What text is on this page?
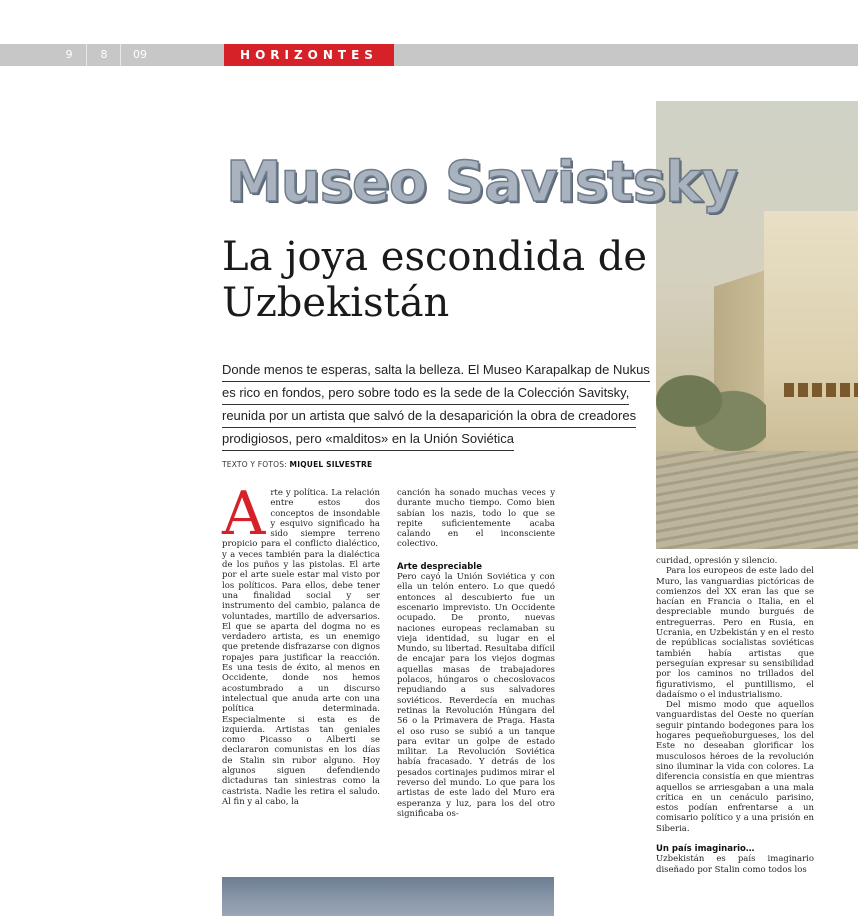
9	8	09	HORIZONTES
Museo Savistsky
La joya escondida de Uzbekistán
Donde menos te esperas, salta la belleza. El Museo Karapalkap de Nukus
es rico en fondos, pero sobre todo es la sede de la Colección Savitsky,
reunida por un artista que salvó de la desaparición la obra de creadores
prodigiosos, pero «malditos» en la Unión Soviética
TEXTO Y FOTOS: MIQUEL SILVESTRE
A rte y política. La relación entre estos dos conceptos de insondable y esquivo significado ha sido siempre terreno propicio para el conflicto dialéctico, y a veces también para la dialéctica de los puños y las pistolas. El arte por el arte suele estar mal visto por los políticos. Para ellos, debe tener una finalidad social y ser instrumento del cambio, palanca de voluntades, martillo de adversarios. El que se aparta del dogma no es verdadero artista, es un enemigo que pretende disfrazarse con dignos ropajes para justificar la reacción. Es una tesis de éxito, al menos en Occidente, donde nos hemos acostumbrado a un discurso intelectual que anuda arte con una política determinada. Especialmente si esta es de izquierda. Artistas tan geniales como Picasso o Alberti se declararon comunistas en los días de Stalin sin rubor alguno. Hoy algunos siguen defendiendo dictaduras tan siniestras como la castrista. Nadie les retira el saludo. Al fin y al cabo, la

canción ha sonado muchas veces y durante mucho tiempo. Como bien sabían los nazis, todo lo que se repite suficientemente acaba calando en el inconsciente colectivo.

Arte despreciable

Pero cayó la Unión Soviética y con ella un telón entero. Lo que quedó entonces al descubierto fue un escenario imprevisto. Un Occidente ocupado. De pronto, nuevas naciones europeas reclamaban su vieja identidad, su lugar en el Mundo, su libertad. Resultaba difícil de encajar para los viejos dogmas aquellas masas de trabajadores polacos, húngaros o checoslovacos repudiando a sus salvadores soviéticos. Reverdecía en muchas retinas la Revolución Húngara del 56 o la Primavera de Praga. Hasta el oso ruso se subió a un tanque para evitar un golpe de estado militar. La Revolución Soviética había fracasado. Y detrás de los pesados cortinajes pudimos mirar el reverso del mundo. Lo que para los artistas de este lado del Muro era esperanza y luz, para los del otro significaba os-

curidad, opresión y silencio.

Para los europeos de este lado del Muro, las vanguardias pictóricas de comienzos del XX eran las que se hacían en Francia o Italia, en el despreciable mundo burgués de entreguerras. Pero en Rusia, en Ucrania, en Uzbekistán y en el resto de repúblicas socialistas soviéticas también había artistas que perseguían expresar su sensibilidad por los caminos no trillados del figurativismo, el puntillismo, el dadaísmo o el industrialismo.

Del mismo modo que aquellos vanguardistas del Oeste no querían seguir pintando bodegones para los hogares pequeñoburgueses, los del Este no deseaban glorificar los musculosos héroes de la revolución sino iluminar la vida con colores. La diferencia consistía en que mientras aquellos se arriesgaban a una mala crítica en un cenáculo parisino, estos podían enfrentarse a un comisario político y a una prisión en Siberia.

Un país imaginario…

Uzbekistán es país imaginario diseñado por Stalin como todos los
